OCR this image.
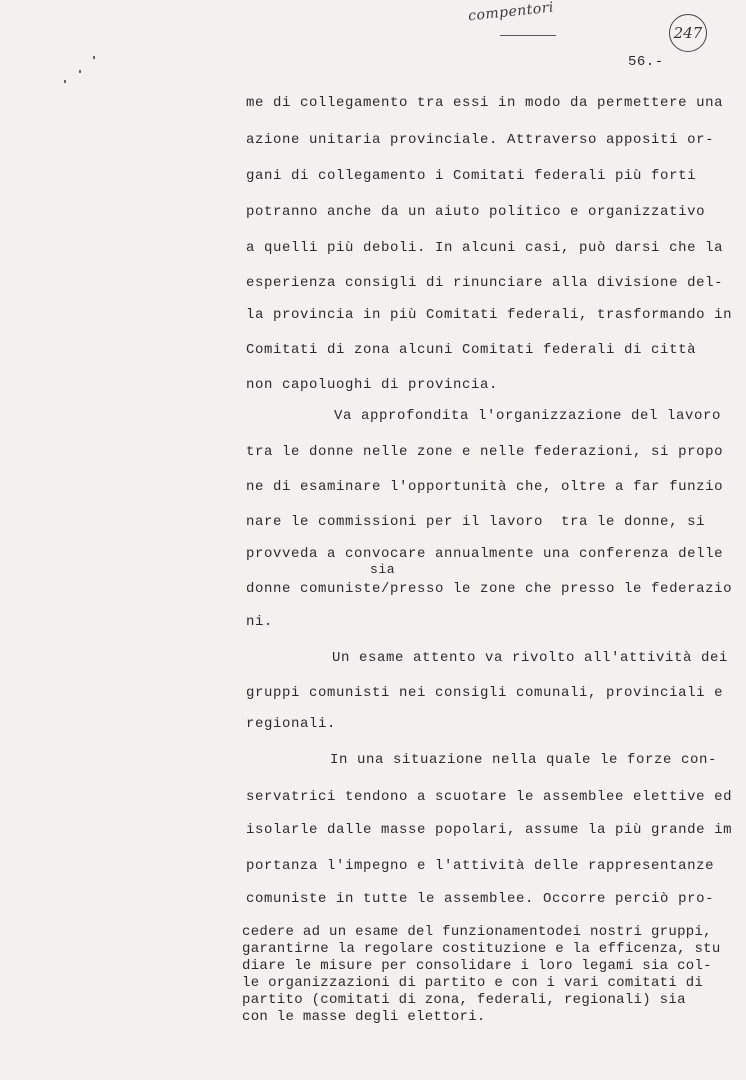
compentori
247
56.-
me di collegamento tra essi in modo da permettere una
azione unitaria provinciale. Attraverso appositi or-
gani di collegamento i Comitati federali più forti
potranno anche da un aiuto politico e organizzativo
a quelli più deboli. In alcuni casi, può darsi che la
esperienza consigli di rinunciare alla divisione del-
la provincia in più Comitati federali, trasformando in
Comitati di zona alcuni Comitati federali di città
non capoluoghi di provincia.
Va approfondita l'organizzazione del lavoro
tra le donne nelle zone e nelle federazioni, si propo
ne di esaminare l'opportunità che, oltre a far funzio
nare le commissioni per il lavoro  tra le donne, si
provveda a convocare annualmente una conferenza delle
sia
donne comuniste/presso le zone che presso le federazio
ni.
Un esame attento va rivolto all'attività dei
gruppi comunisti nei consigli comunali, provinciali e
regionali.
In una situazione nella quale le forze con-
servatrici tendono a scuotare le assemblee elettive ed
isolarle dalle masse popolari, assume la più grande im
portanza l'impegno e l'attività delle rappresentanze
comuniste in tutte le assemblee. Occorre perciò pro-
cedere ad un esame del funzionamentodei nostri gruppi,
garantirne la regolare costituzione e la efficenza, stu
diare le misure per consolidare i loro legami sia col-
le organizzazioni di partito e con i vari comitati di
partito (comitati di zona, federali, regionali) sia
con le masse degli elettori.
